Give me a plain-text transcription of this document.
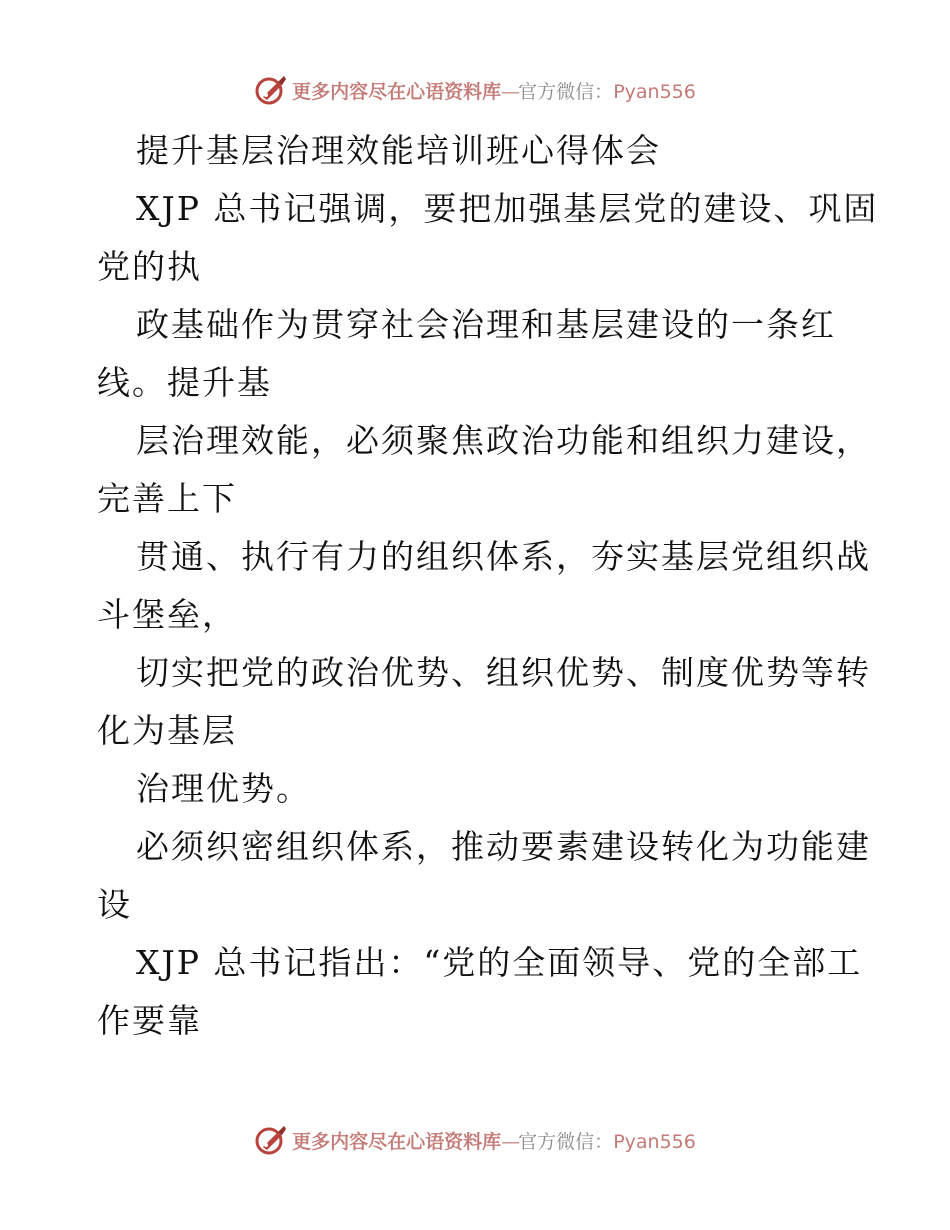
更多内容尽在心语资料库—官方微信：Pyan556
提升基层治理效能培训班心得体会
XJP 总书记强调，要把加强基层党的建设、巩固
党的执
政基础作为贯穿社会治理和基层建设的一条红
线。提升基
层治理效能，必须聚焦政治功能和组织力建设，
完善上下
贯通、执行有力的组织体系，夯实基层党组织战
斗堡垒，
切实把党的政治优势、组织优势、制度优势等转
化为基层
治理优势。
必须织密组织体系，推动要素建设转化为功能建
设
XJP 总书记指出：“党的全面领导、党的全部工
作要靠
更多内容尽在心语资料库—官方微信：Pyan556
